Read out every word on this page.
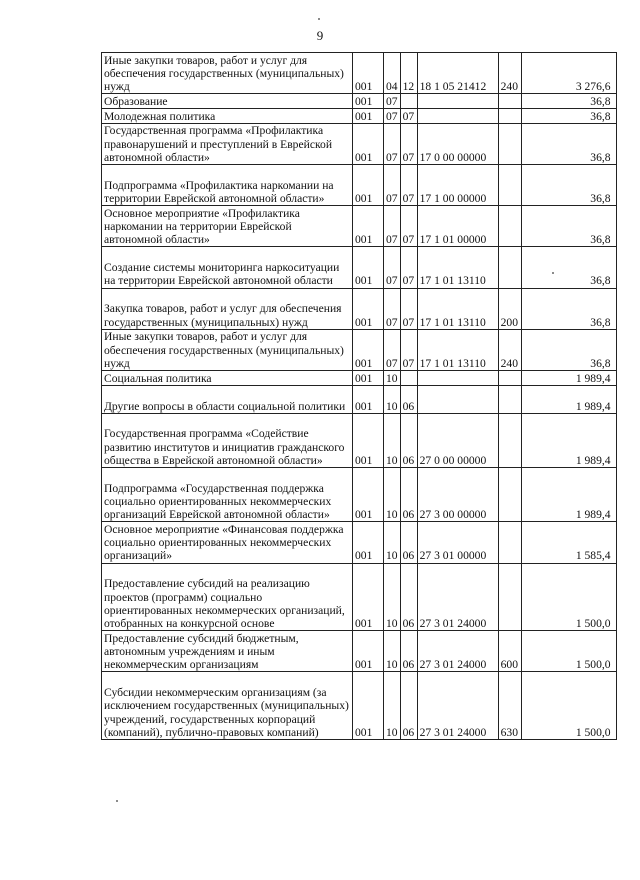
9
Иные закупки товаров, работ и услуг для обеспечения государственных (муниципальных) нужд	001	04	12	18 1 05 21412	240	3 276,6
Образование	001	07				36,8
Молодежная политика	001	07	07			36,8
Государственная программа «Профилактика правонарушений и преступлений в Еврейской автономной области»	001	07	07	17 0 00 00000		36,8
Подпрограмма «Профилактика наркомании на территории Еврейской автономной области»	001	07	07	17 1 00 00000		36,8
Основное мероприятие «Профилактика наркомании на территории Еврейской автономной области»	001	07	07	17 1 01 00000		36,8
Создание системы мониторинга наркоситуации на территории Еврейской автономной области	001	07	07	17 1 01 13110		36,8
Закупка товаров, работ и услуг для обеспечения государственных (муниципальных) нужд	001	07	07	17 1 01 13110	200	36,8
Иные закупки товаров, работ и услуг для обеспечения государственных (муниципальных) нужд	001	07	07	17 1 01 13110	240	36,8
Социальная политика	001	10				1 989,4
Другие вопросы в области социальной политики	001	10	06			1 989,4
Государственная программа «Содействие развитию институтов и инициатив гражданского общества в Еврейской автономной области»	001	10	06	27 0 00 00000		1 989,4
Подпрограмма «Государственная поддержка социально ориентированных некоммерческих организаций Еврейской автономной области»	001	10	06	27 3 00 00000		1 989,4
Основное мероприятие «Финансовая поддержка социально ориентированных некоммерческих организаций»	001	10	06	27 3 01 00000		1 585,4
Предоставление субсидий на реализацию проектов (программ) социально ориентированных некоммерческих организаций, отобранных на конкурсной основе	001	10	06	27 3 01 24000		1 500,0
Предоставление субсидий бюджетным, автономным учреждениям и иным некоммерческим организациям	001	10	06	27 3 01 24000	600	1 500,0
Субсидии некоммерческим организациям (за исключением государственных (муниципальных) учреждений, государственных корпораций (компаний), публично-правовых компаний)	001	10	06	27 3 01 24000	630	1 500,0
